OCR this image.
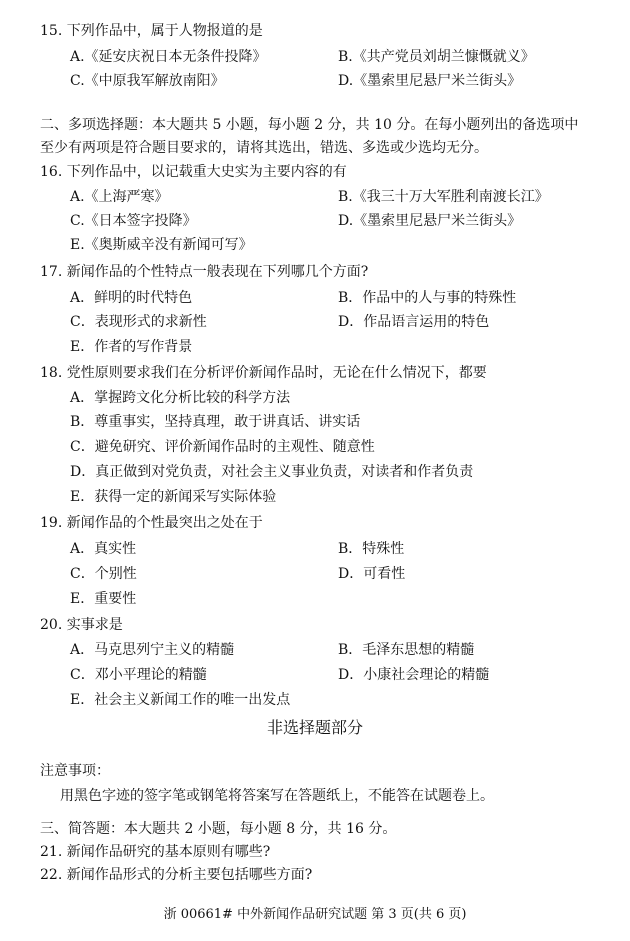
15. 下列作品中，属于人物报道的是
A.《延安庆祝日本无条件投降》	B.《共产党员刘胡兰慷慨就义》
C.《中原我军解放南阳》	D.《墨索里尼悬尸米兰街头》
二、多项选择题：本大题共 5 小题，每小题 2 分，共 10 分。在每小题列出的备选项中
至少有两项是符合题目要求的，请将其选出，错选、多选或少选均无分。
16. 下列作品中，以记载重大史实为主要内容的有
A.《上海严寒》	B.《我三十万大军胜利南渡长江》
C.《日本签字投降》	D.《墨索里尼悬尸米兰街头》
E.《奥斯威辛没有新闻可写》
17. 新闻作品的个性特点一般表现在下列哪几个方面?
A．鲜明的时代特色	B．作品中的人与事的特殊性
C．表现形式的求新性	D．作品语言运用的特色
E．作者的写作背景
18. 党性原则要求我们在分析评价新闻作品时，无论在什么情况下，都要
A．掌握跨文化分析比较的科学方法
B．尊重事实，坚持真理，敢于讲真话、讲实话
C．避免研究、评价新闻作品时的主观性、随意性
D．真正做到对党负责，对社会主义事业负责，对读者和作者负责
E．获得一定的新闻采写实际体验
19. 新闻作品的个性最突出之处在于
A．真实性	B．特殊性
C．个别性	D．可看性
E．重要性
20. 实事求是
A．马克思列宁主义的精髓	B．毛泽东思想的精髓
C．邓小平理论的精髓	D．小康社会理论的精髓
E．社会主义新闻工作的唯一出发点
非选择题部分
注意事项：
用黑色字迹的签字笔或钢笔将答案写在答题纸上，不能答在试题卷上。
三、简答题：本大题共 2 小题，每小题 8 分，共 16 分。
21. 新闻作品研究的基本原则有哪些?
22. 新闻作品形式的分析主要包括哪些方面?
浙 00661# 中外新闻作品研究试题 第 3 页(共 6 页)
